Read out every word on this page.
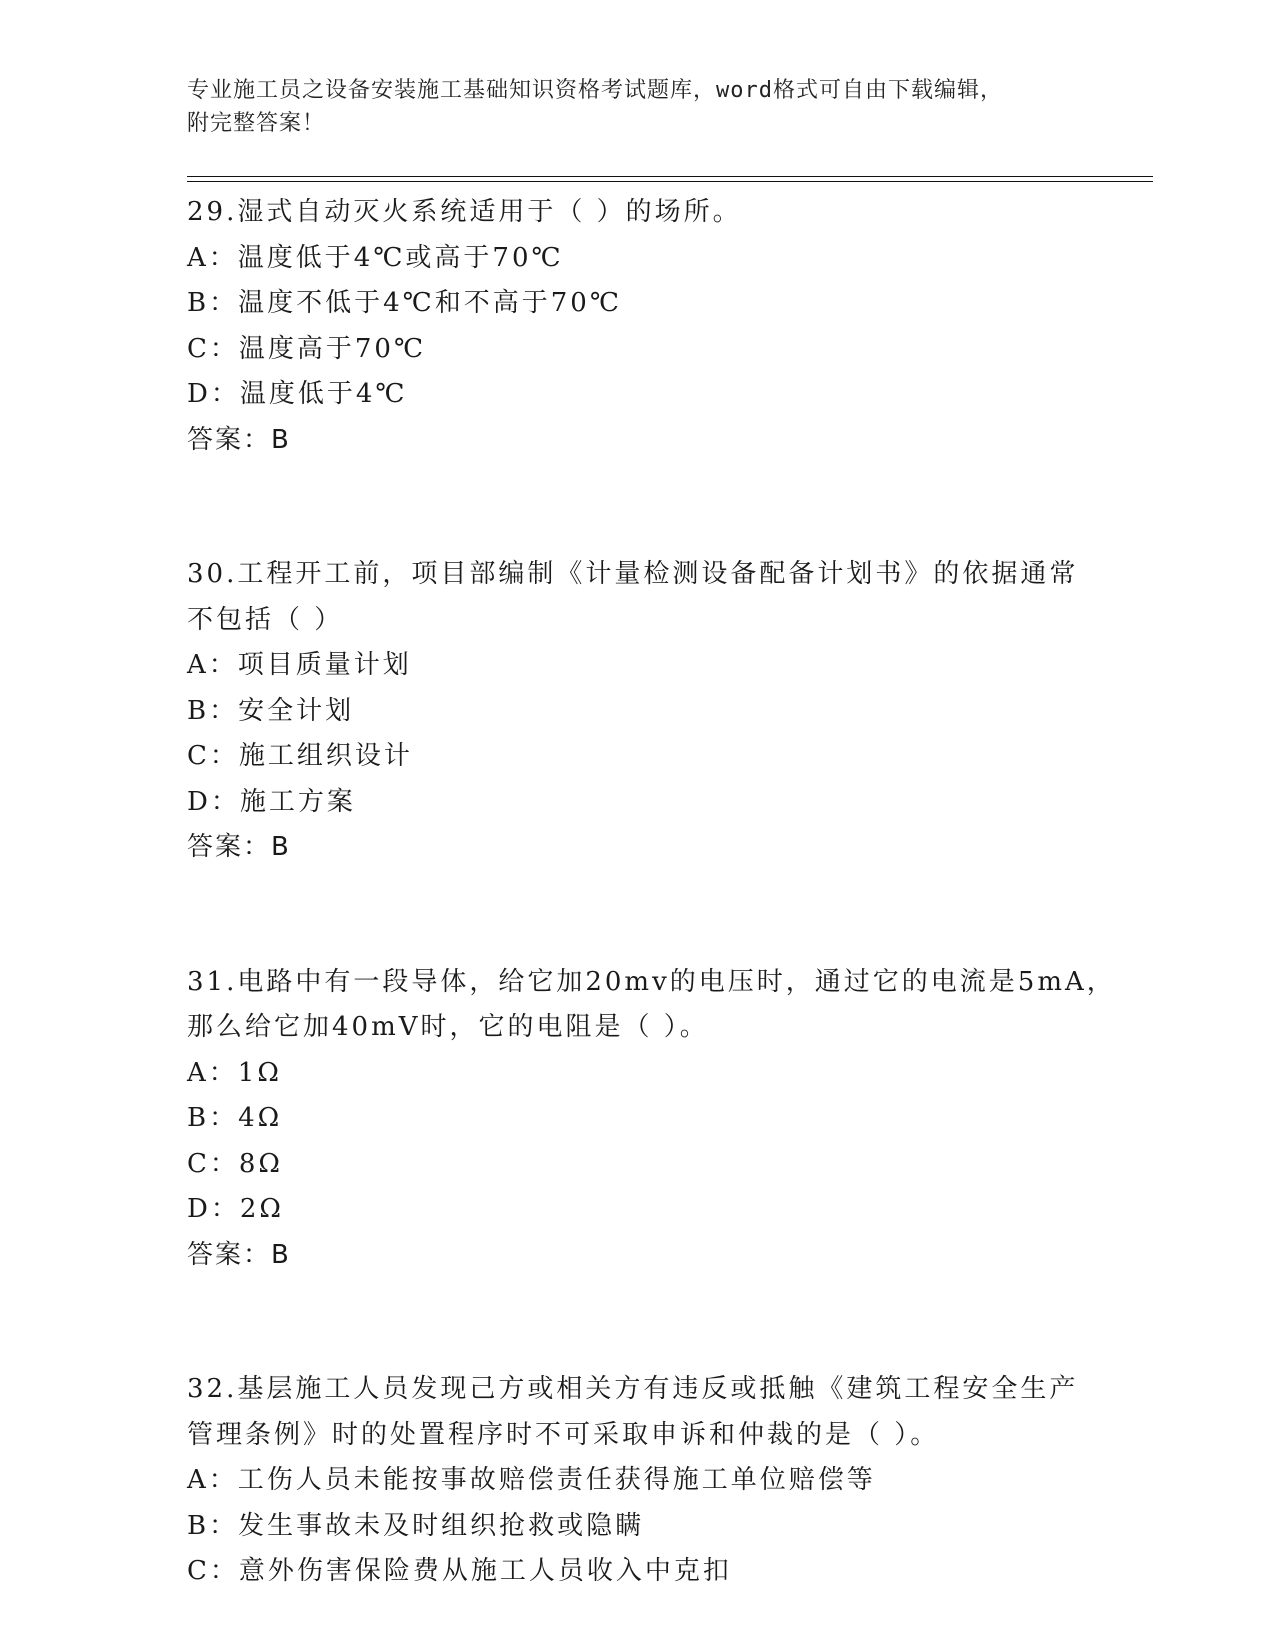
专业施工员之设备安装施工基础知识资格考试题库，word格式可自由下载编辑，
附完整答案！
29.湿式自动灭火系统适用于（ ）的场所。
A：温度低于4℃或高于70℃
B：温度不低于4℃和不高于70℃
C：温度高于70℃
D：温度低于4℃
答案：B
30.工程开工前，项目部编制《计量检测设备配备计划书》的依据通常
不包括（ ）
A：项目质量计划
B：安全计划
C：施工组织设计
D：施工方案
答案：B
31.电路中有一段导体，给它加20mv的电压时，通过它的电流是5mA，
那么给它加40mV时，它的电阻是（ ）。
A：1Ω
B：4Ω
C：8Ω
D：2Ω
答案：B
32.基层施工人员发现己方或相关方有违反或抵触《建筑工程安全生产
管理条例》时的处置程序时不可采取申诉和仲裁的是（ ）。
A：工伤人员未能按事故赔偿责任获得施工单位赔偿等
B：发生事故未及时组织抢救或隐瞒
C：意外伤害保险费从施工人员收入中克扣
